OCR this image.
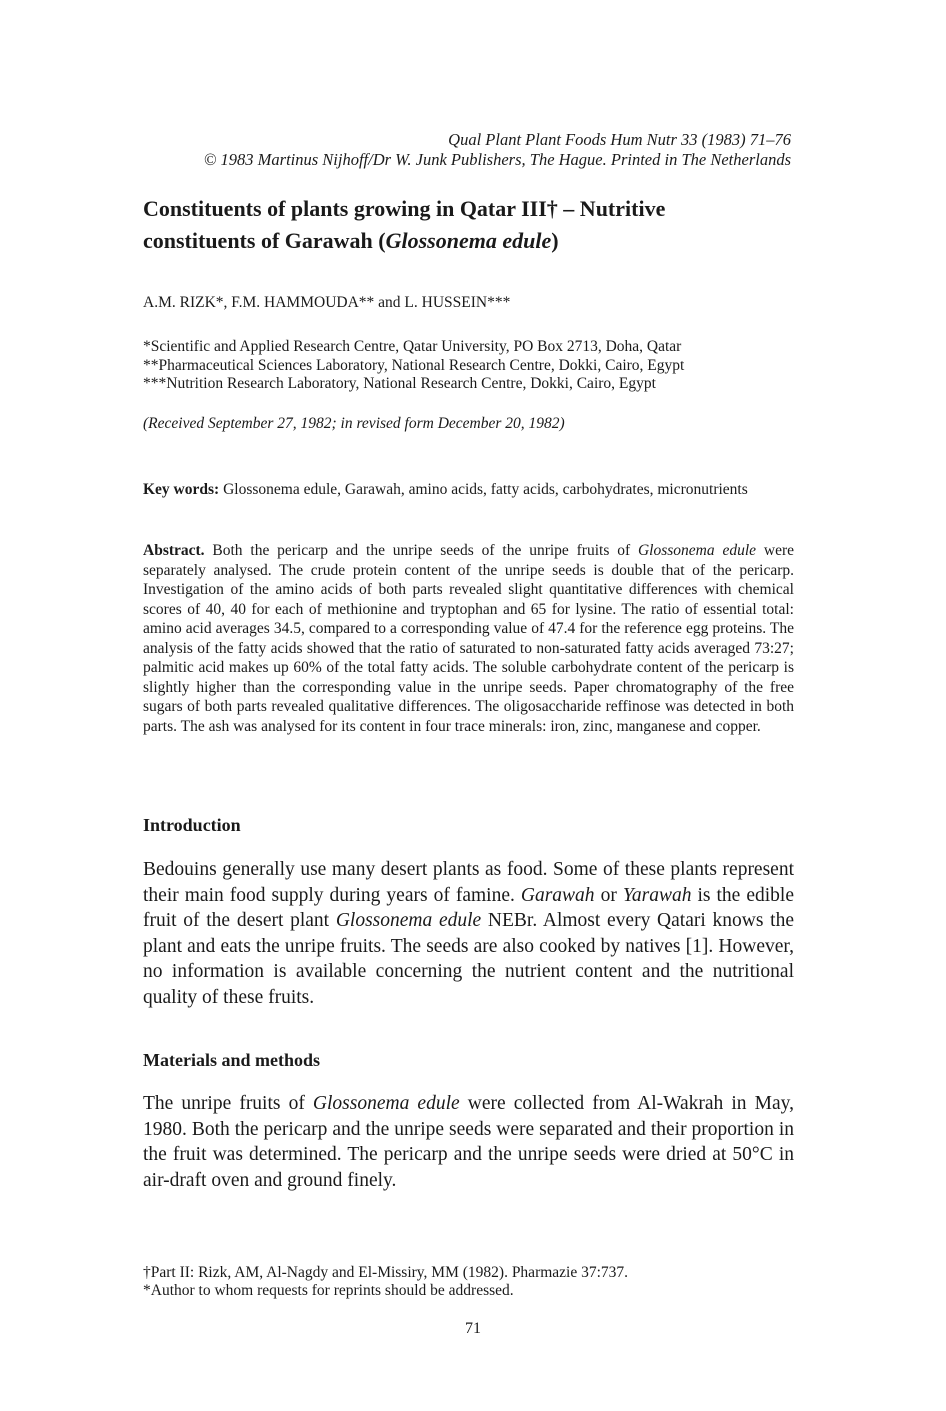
Qual Plant Plant Foods Hum Nutr 33 (1983) 71–76
© 1983 Martinus Nijhoff/Dr W. Junk Publishers, The Hague. Printed in The Netherlands
Constituents of plants growing in Qatar III† – Nutritive
constituents of Garawah (Glossonema edule)
A.M. RIZK*, F.M. HAMMOUDA** and L. HUSSEIN***
*Scientific and Applied Research Centre, Qatar University, PO Box 2713, Doha, Qatar
**Pharmaceutical Sciences Laboratory, National Research Centre, Dokki, Cairo, Egypt
***Nutrition Research Laboratory, National Research Centre, Dokki, Cairo, Egypt
(Received September 27, 1982; in revised form December 20, 1982)
Key words: Glossonema edule, Garawah, amino acids, fatty acids, carbohydrates, micronutrients
Abstract. Both the pericarp and the unripe seeds of the unripe fruits of Glossonema edule were separately analysed. The crude protein content of the unripe seeds is double that of the pericarp. Investigation of the amino acids of both parts revealed slight quantitative differences with chemical scores of 40, 40 for each of methionine and tryptophan and 65 for lysine. The ratio of essential total: amino acid averages 34.5, compared to a corresponding value of 47.4 for the reference egg proteins. The analysis of the fatty acids showed that the ratio of saturated to non-saturated fatty acids averaged 73:27; palmitic acid makes up 60% of the total fatty acids. The soluble carbohydrate content of the pericarp is slightly higher than the corresponding value in the unripe seeds. Paper chromatography of the free sugars of both parts revealed qualitative differences. The oligosaccharide reffinose was detected in both parts. The ash was analysed for its content in four trace minerals: iron, zinc, manganese and copper.
Introduction
Bedouins generally use many desert plants as food. Some of these plants represent their main food supply during years of famine. Garawah or Yarawah is the edible fruit of the desert plant Glossonema edule NEBr. Almost every Qatari knows the plant and eats the unripe fruits. The seeds are also cooked by natives [1]. However, no information is available concerning the nutrient content and the nutritional quality of these fruits.
Materials and methods
The unripe fruits of Glossonema edule were collected from Al-Wakrah in May, 1980. Both the pericarp and the unripe seeds were separated and their proportion in the fruit was determined. The pericarp and the unripe seeds were dried at 50°C in air-draft oven and ground finely.
†Part II: Rizk, AM, Al-Nagdy and El-Missiry, MM (1982). Pharmazie 37:737.
*Author to whom requests for reprints should be addressed.
71
